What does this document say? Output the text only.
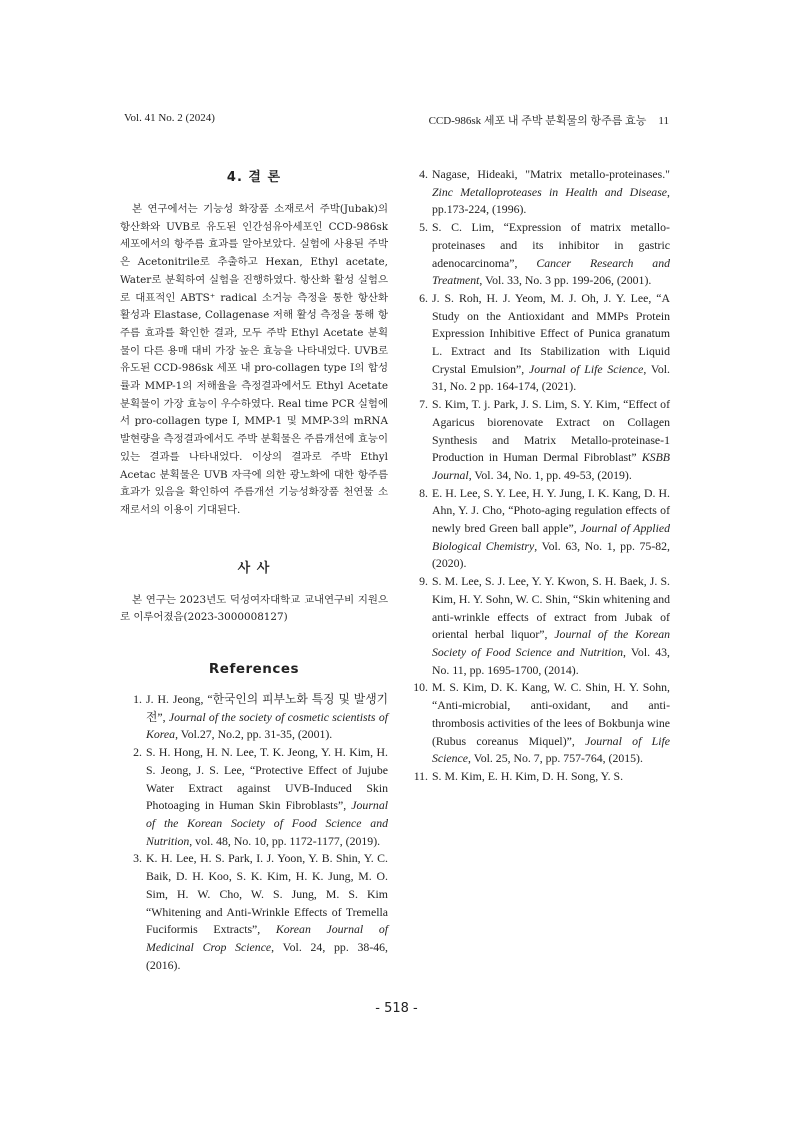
Vol. 41 No. 2 (2024)	CCD-986sk 세포 내 주박 분획물의 항주름 효능 11
4. 결 론

본 연구에서는 기능성 화장품 소재로서 주박(Jubak)의 항산화와 UVB로 유도된 인간섬유아세포인 CCD-986sk 세포에서의 항주름 효과를 알아보았다. 실험에 사용된 주박은 Acetonitrile로 추출하고 Hexan, Ethyl acetate, Water로 분획하여 실험을 진행하였다. 항산화 활성 실험으로 대표적인 ABTS⁺ radical 소거능 측정을 통한 항산화 활성과 Elastase, Collagenase 저해 활성 측정을 통해 항주름 효과를 확인한 결과, 모두 주박 Ethyl Acetate 분획물이 다른 용매 대비 가장 높은 효능을 나타내었다. UVB로 유도된 CCD-986sk 세포 내 pro-collagen type I의 합성률과 MMP-1의 저해율을 측정결과에서도 Ethyl Acetate 분획물이 가장 효능이 우수하였다. Real time PCR 실험에서 pro-collagen type I, MMP-1 및 MMP-3의 mRNA 발현량을 측정결과에서도 주박 분획물은 주름개선에 효능이 있는 결과를 나타내었다. 이상의 결과로 주박 Ethyl Acetac 분획물은 UVB 자극에 의한 광노화에 대한 항주름 효과가 있음을 확인하여 주름개선 기능성화장품 천연물 소재로서의 이용이 기대된다.

사 사

본 연구는 2023년도 덕성여자대학교 교내연구비 지원으로 이루어졌음(2023-3000008127)

References
1. J. H. Jeong, “한국인의 피부노화 특징 및 발생기전”, Journal of the society of cosmetic scientists of Korea, Vol.27, No.2, pp. 31-35, (2001).
2. S. H. Hong, H. N. Lee, T. K. Jeong, Y. H. Kim, H. S. Jeong, J. S. Lee, “Protective Effect of Jujube Water Extract against UVB-Induced Skin Photoaging in Human Skin Fibroblasts”, Journal of the Korean Society of Food Science and Nutrition, vol. 48, No. 10, pp. 1172-1177, (2019).
3. K. H. Lee, H. S. Park, I. J. Yoon, Y. B. Shin, Y. C. Baik, D. H. Koo, S. K. Kim, H. K. Jung, M. O. Sim, H. W. Cho, W. S. Jung, M. S. Kim “Whitening and Anti-Wrinkle Effects of Tremella Fuciformis Extracts”, Korean Journal of Medicinal Crop Science, Vol. 24, pp. 38-46, (2016).
4. Nagase, Hideaki, "Matrix metallo-proteinases." Zinc Metalloproteases in Health and Disease, pp.173-224, (1996).
5. S. C. Lim, “Expression of matrix metallo-proteinases and its inhibitor in gastric adenocarcinoma”, Cancer Research and Treatment, Vol. 33, No. 3 pp. 199-206, (2001).
6. J. S. Roh, H. J. Yeom, M. J. Oh, J. Y. Lee, “A Study on the Antioxidant and MMPs Protein Expression Inhibitive Effect of Punica granatum L. Extract and Its Stabilization with Liquid Crystal Emulsion”, Journal of Life Science, Vol. 31, No. 2 pp. 164-174, (2021).
7. S. Kim, T. j. Park, J. S. Lim, S. Y. Kim, “Effect of Agaricus biorenovate Extract on Collagen Synthesis and Matrix Metallo-proteinase-1 Production in Human Dermal Fibroblast” KSBB Journal, Vol. 34, No. 1, pp. 49-53, (2019).
8. E. H. Lee, S. Y. Lee, H. Y. Jung, I. K. Kang, D. H. Ahn, Y. J. Cho, “Photo-aging regulation effects of newly bred Green ball apple”, Journal of Applied Biological Chemistry, Vol. 63, No. 1, pp. 75-82, (2020).
9. S. M. Lee, S. J. Lee, Y. Y. Kwon, S. H. Baek, J. S. Kim, H. Y. Sohn, W. C. Shin, “Skin whitening and anti-wrinkle effects of extract from Jubak of oriental herbal liquor”, Journal of the Korean Society of Food Science and Nutrition, Vol. 43, No. 11, pp. 1695-1700, (2014).
10. M. S. Kim, D. K. Kang, W. C. Shin, H. Y. Sohn, “Anti-microbial, anti-oxidant, and anti-thrombosis activities of the lees of Bokbunja wine (Rubus coreanus Miquel)”, Journal of Life Science, Vol. 25, No. 7, pp. 757-764, (2015).
11. S. M. Kim, E. H. Kim, D. H. Song, Y. S.
- 518 -
